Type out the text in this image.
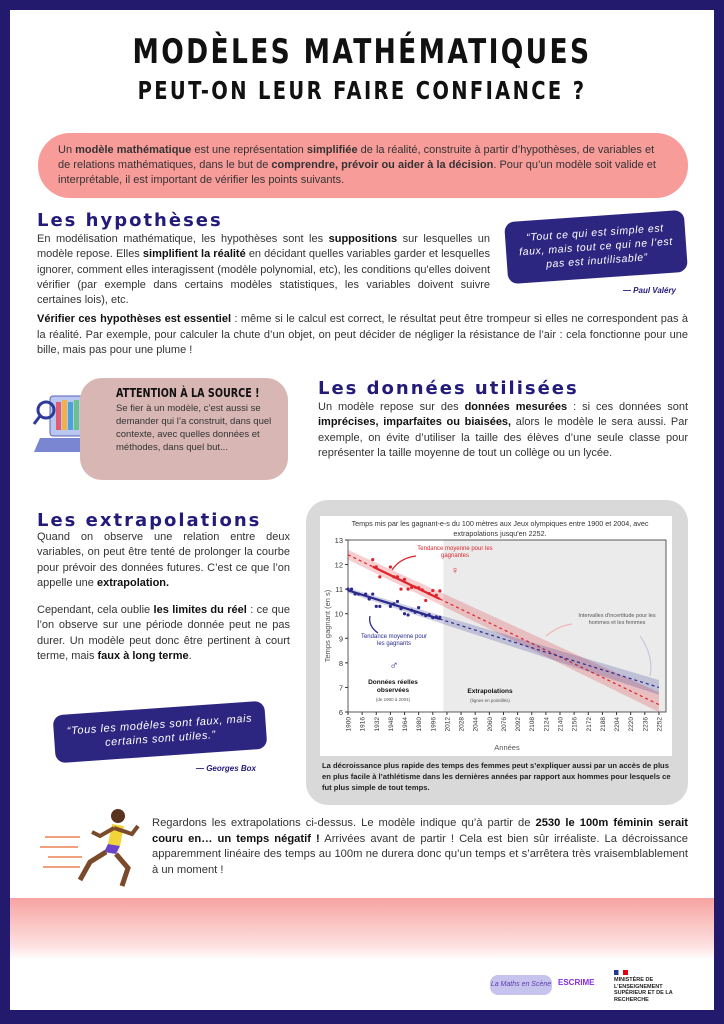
MODÈLES MATHÉMATIQUES
PEUT-ON LEUR FAIRE CONFIANCE ?
Un modèle mathématique est une représentation simplifiée de la réalité, construite à partir d’hypothèses, de variables et de relations mathématiques, dans le but de comprendre, prévoir ou aider à la décision. Pour qu’un modèle soit valide et interprétable, il est important de vérifier les points suivants.
Les hypothèses
En modélisation mathématique, les hypothèses sont les suppositions sur lesquelles un modèle repose. Elles simplifient la réalité en décidant quelles variables garder et lesquelles ignorer, comment elles interagissent (modèle polynomial, etc), les conditions qu'elles doivent vérifier (par exemple dans certains modèles statistiques, les variables doivent suivre certaines lois), etc.
Vérifier ces hypothèses est essentiel : même si le calcul est correct, le résultat peut être trompeur si elles ne correspondent pas à la réalité. Par exemple, pour calculer la chute d’un objet, on peut décider de négliger la résistance de l’air : cela fonctionne pour une bille, mais pas pour une plume !
“Tout ce qui est simple est faux, mais tout ce qui ne l’est pas est inutilisable”
— Paul Valéry
ATTENTION À LA SOURCE !
Se fier à un modèle, c’est aussi se demander qui l’a construit, dans quel contexte, avec quelles données et méthodes, dans quel but...
Les données utilisées
Un modèle repose sur des données mesurées : si ces données sont imprécises, imparfaites ou biaisées, alors le modèle le sera aussi. Par exemple, on évite d’utiliser la taille des élèves d’une seule classe pour représenter la taille moyenne de tout un collège ou un lycée.
Les extrapolations
Quand on observe une relation entre deux variables, on peut être tenté de prolonger la courbe pour prévoir des données futures. C’est ce que l’on appelle une extrapolation.
Cependant, cela oublie les limites du réel : ce que l’on observe sur une période donnée peut ne pas durer. Un modèle peut donc être pertinent à court terme, mais faux à long terme.
“Tous les modèles sont faux, mais certains sont utiles.”
— Georges Box
6
7
8
9
10
11
12
13
1900 1916 1932 1948 1964 1980 1996 2012 2028 2044 2060 2076 2092 2108 2124 2140 2156 2172 2188 2204 2220 2236 2252
Années
Temps gagnant (en s)
♀
♂
Temps mis par les gagnant-e-s du 100 mètres aux Jeux olympiques entre 1900 et 2004, avec extrapolations jusqu'en 2252.
Tendance moyenne pour les gagnantes
Tendance moyenne pour les gagnants
Intervalles d'incertitude pour les hommes et les femmes
Données réelles observées
(de 1900 à 2004)
Extrapolations
(lignes en pointillés)
La décroissance plus rapide des temps des femmes peut s’expliquer aussi par un accès de plus en plus facile à l’athlétisme dans les dernières années par rapport aux hommes pour lesquels ce fut plus simple de tout temps.
Regardons les extrapolations ci-dessus. Le modèle indique qu’à partir de 2530 le 100m féminin serait couru en… un temps négatif ! Arrivées avant de partir ! Cela est bien sûr irréaliste. La décroissance apparemment linéaire des temps au 100m ne durera donc qu’un temps et s’arrêtera très vraisemblablement à un moment !
La Maths en Scène ESCRIME	MINISTÈRE DE L’ENSEIGNEMENT SUPÉRIEUR ET DE LA RECHERCHE
